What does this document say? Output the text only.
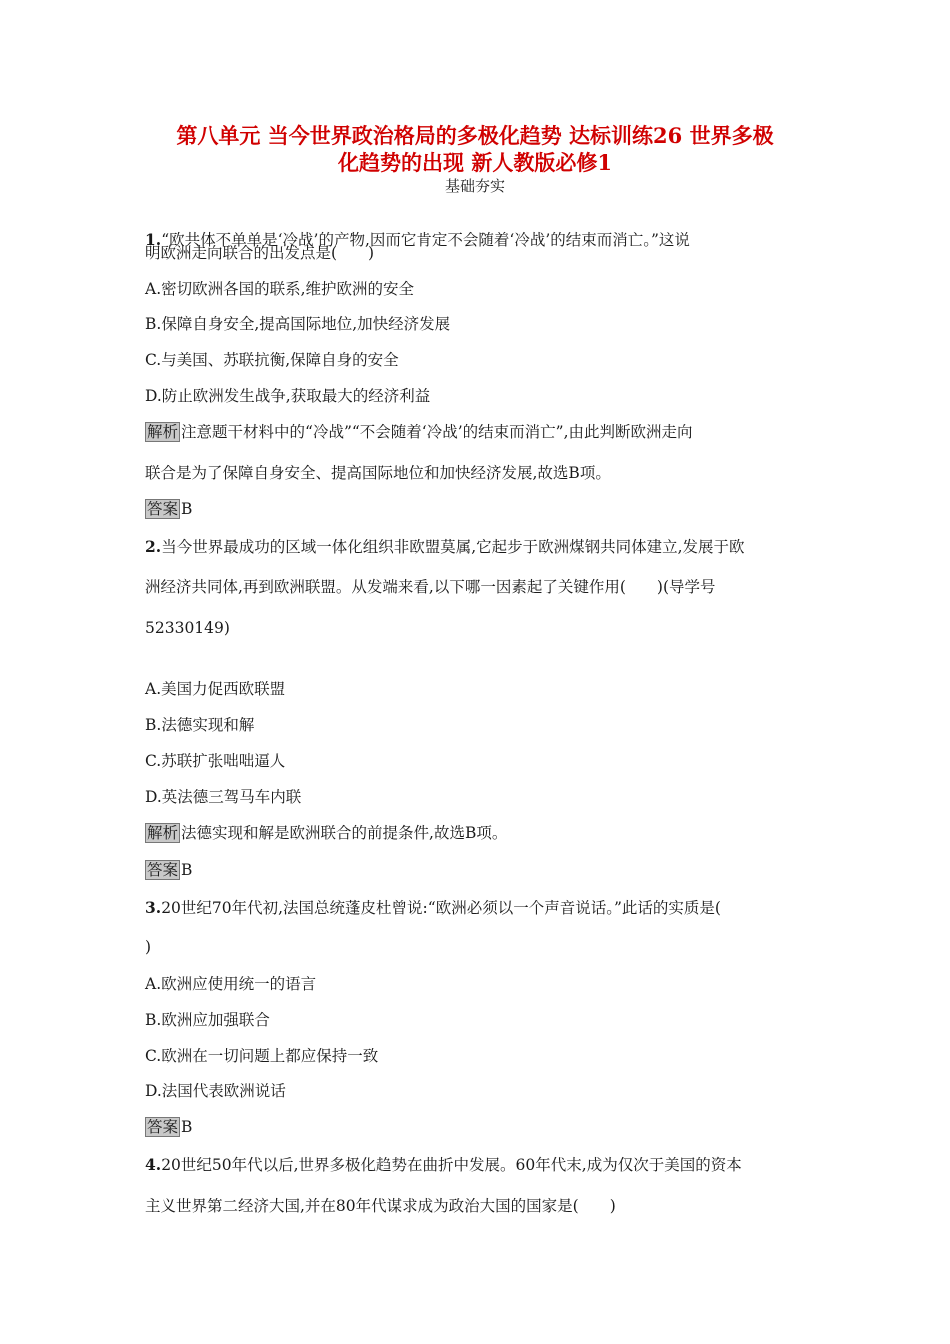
第八单元 当今世界政治格局的多极化趋势 达标训练26 世界多极
化趋势的出现 新人教版必修1
基础夯实
1.“欧共体不单单是‘冷战’的产物,因而它肯定不会随着‘冷战’的结束而消亡。”这说
明欧洲走向联合的出发点是(　　)
A.密切欧洲各国的联系,维护欧洲的安全
B.保障自身安全,提高国际地位,加快经济发展
C.与美国、苏联抗衡,保障自身的安全
D.防止欧洲发生战争,获取最大的经济利益
解析 注意题干材料中的“冷战”“不会随着‘冷战’的结束而消亡”,由此判断欧洲走向
联合是为了保障自身安全、提高国际地位和加快经济发展,故选B项。
答案 B
2.当今世界最成功的区域一体化组织非欧盟莫属,它起步于欧洲煤钢共同体建立,发展于欧
洲经济共同体,再到欧洲联盟。从发端来看,以下哪一因素起了关键作用(　　)(导学号
52330149)
A.美国力促西欧联盟
B.法德实现和解
C.苏联扩张咄咄逼人
D.英法德三驾马车内联
解析 法德实现和解是欧洲联合的前提条件,故选B项。
答案 B
3.20世纪70年代初,法国总统蓬皮杜曾说:“欧洲必须以一个声音说话。”此话的实质是(
)
A.欧洲应使用统一的语言
B.欧洲应加强联合
C.欧洲在一切问题上都应保持一致
D.法国代表欧洲说话
答案 B
4.20世纪50年代以后,世界多极化趋势在曲折中发展。60年代末,成为仅次于美国的资本
主义世界第二经济大国,并在80年代谋求成为政治大国的国家是(　　)
